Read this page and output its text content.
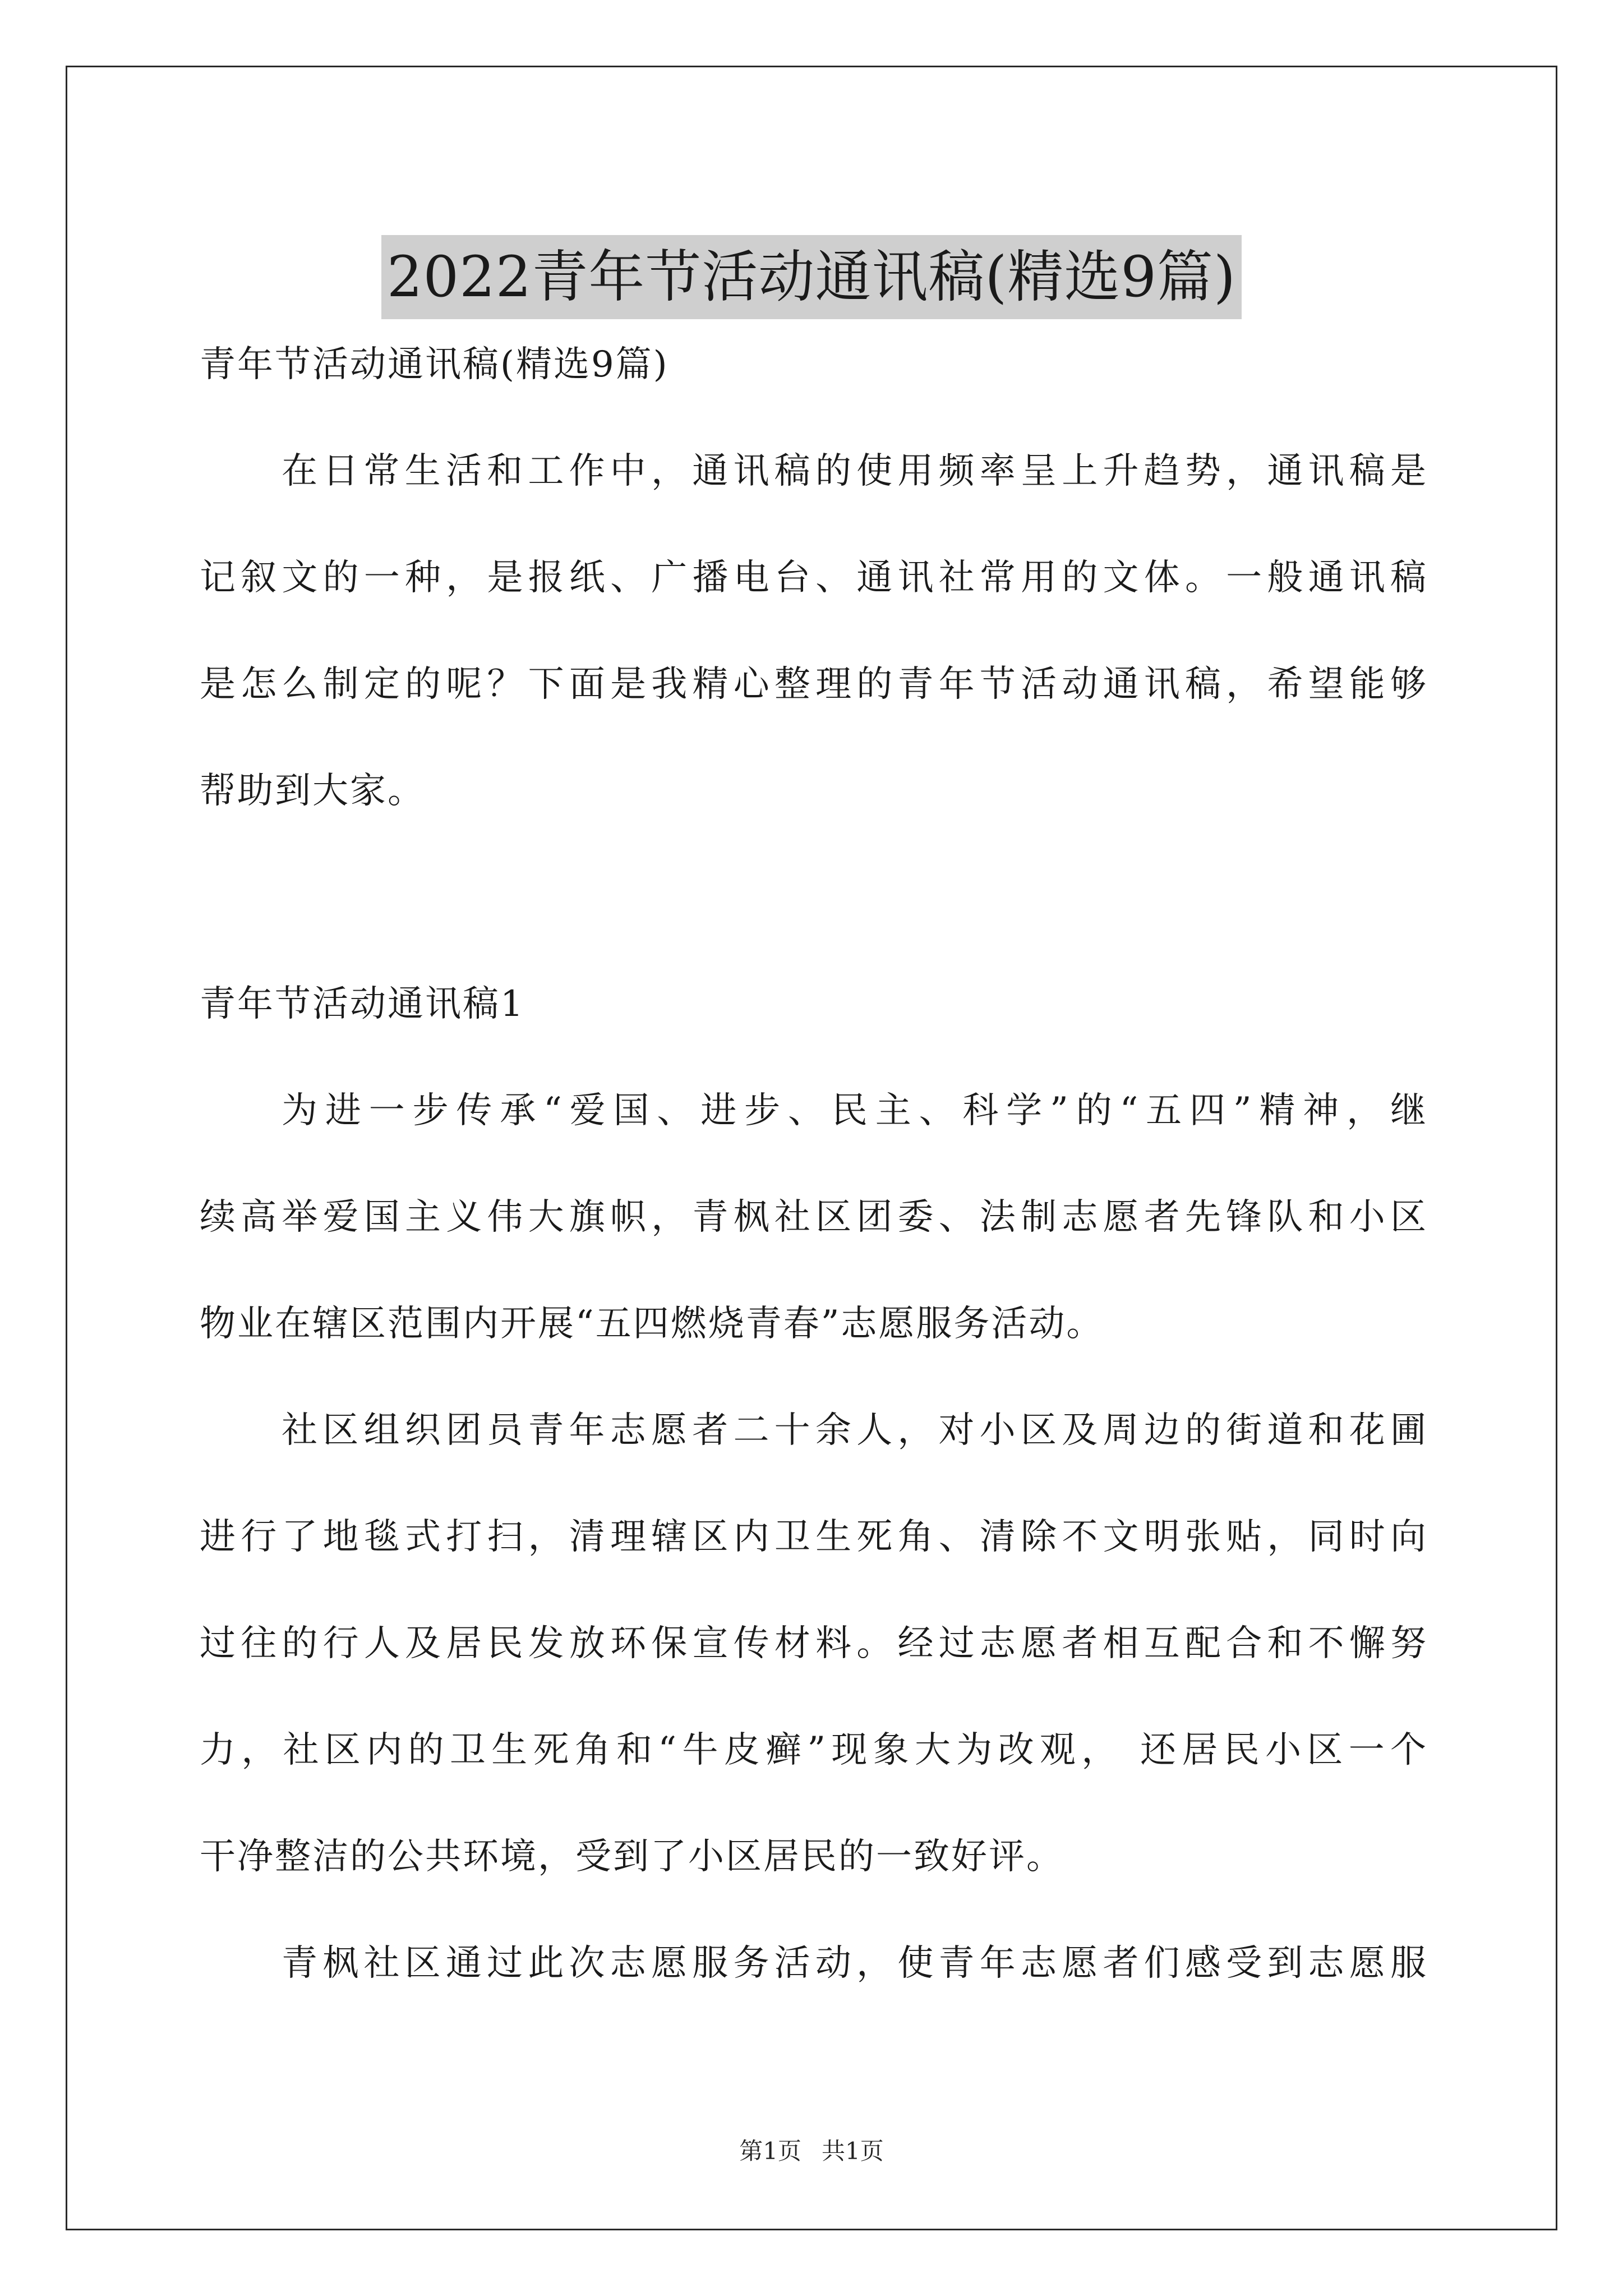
2022青年节活动通讯稿(精选9篇)
青年节活动通讯稿(精选9篇)
在日常生活和工作中，通讯稿的使用频率呈上升趋势，通讯稿是
记叙文的一种，是报纸、广播电台、通讯社常用的文体。一般通讯稿
是怎么制定的呢？下面是我精心整理的青年节活动通讯稿，希望能够
帮助到大家。
青年节活动通讯稿1
为进一步传承“爱国、进步、民主、科学”的“五四”精神，继
续高举爱国主义伟大旗帜，青枫社区团委、法制志愿者先锋队和小区
物业在辖区范围内开展“五四燃烧青春”志愿服务活动。
社区组织团员青年志愿者二十余人，对小区及周边的街道和花圃
进行了地毯式打扫，清理辖区内卫生死角、清除不文明张贴，同时向
过往的行人及居民发放环保宣传材料。经过志愿者相互配合和不懈努
力，社区内的卫生死角和“牛皮癣”现象大为改观， 还居民小区一个
干净整洁的公共环境，受到了小区居民的一致好评。
青枫社区通过此次志愿服务活动，使青年志愿者们感受到志愿服
第1页 共1页
